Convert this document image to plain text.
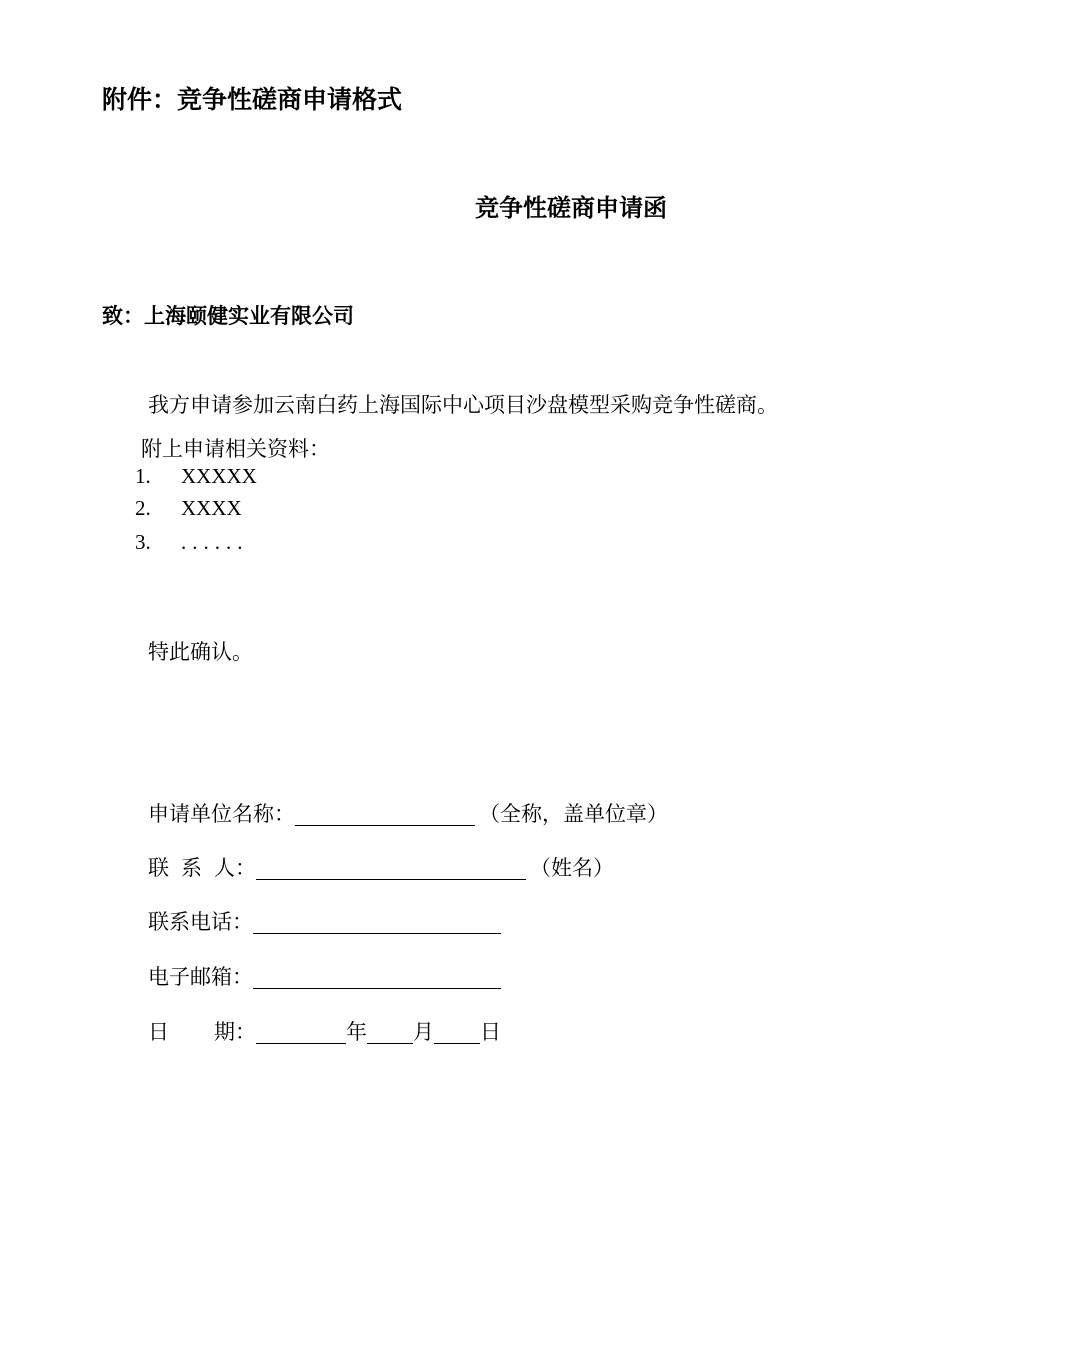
附件：竞争性磋商申请格式
竞争性磋商申请函
致：上海颐健实业有限公司
我方申请参加云南白药上海国际中心项目沙盘模型采购竞争性磋商。
附上申请相关资料：
1. XXXXX
2. XXXX
3. ......
特此确认。
申请单位名称：	（全称，盖单位章）
联 系 人：	（姓名）
联系电话：
电子邮箱：
日 期：	年 月 日
